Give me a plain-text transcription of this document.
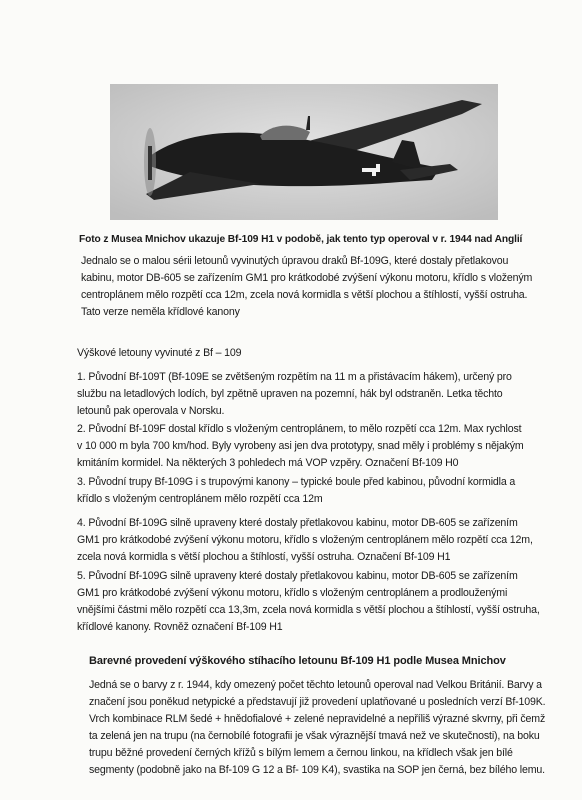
Foto z Musea Mnichov ukazuje Bf-109 H1 v podobě, jak tento typ operoval v r. 1944 nad Anglií
Jednalo se o malou sérii letounů vyvinutých úpravou draků Bf-109G, které dostaly přetlakovou
kabinu, motor DB-605 se zařízením GM1 pro krátkodobé zvýšení výkonu motoru, křídlo s vloženým
centroplánem mělo rozpětí cca 12m, zcela nová kormidla s větší plochou a štíhlostí, vyšší ostruha.
Tato verze neměla křídlové kanony
Výškové letouny vyvinuté z Bf – 109
1. Původní Bf-109T (Bf-109E se zvětšeným rozpětím na 11 m a přistávacím hákem), určený pro
službu na letadlových lodích, byl zpětně upraven na pozemní, hák byl odstraněn. Letka těchto
letounů pak operovala v Norsku.
2. Původní Bf-109F dostal křídlo s vloženým centroplánem, to mělo rozpětí cca 12m. Max rychlost
v 10 000 m byla 700 km/hod. Byly vyrobeny asi jen dva prototypy, snad měly i problémy s nějakým
kmitáním kormidel. Na některých 3 pohledech má VOP vzpěry. Označení Bf-109 H0
3. Původní trupy Bf-109G i s trupovými kanony – typické boule před kabinou, původní kormidla a
křídlo s vloženým centroplánem mělo rozpětí cca 12m
4. Původní Bf-109G silně upraveny které dostaly přetlakovou kabinu, motor DB-605 se zařízením
GM1 pro krátkodobé zvýšení výkonu motoru, křídlo s vloženým centroplánem mělo rozpětí cca 12m,
zcela nová kormidla s větší plochou a štíhlostí, vyšší ostruha. Označení Bf-109 H1
5. Původní Bf-109G silně upraveny které dostaly přetlakovou kabinu, motor DB-605 se zařízením
GM1 pro krátkodobé zvýšení výkonu motoru, křídlo s vloženým centroplánem a prodlouženými
vnějšími částmi mělo rozpětí cca 13,3m, zcela nová kormidla s větší plochou a štíhlostí, vyšší ostruha,
křídlové kanony. Rovněž označení Bf-109 H1
Barevné provedení výškového stíhacího letounu Bf-109 H1 podle Musea Mnichov
Jedná se o barvy z r. 1944, kdy omezený počet těchto letounů operoval nad Velkou Británií. Barvy a
značení jsou poněkud netypické a představují již provedení uplatňované u posledních verzí Bf-109K.
Vrch kombinace RLM šedé + hnědofialové + zelené nepravidelné a nepříliš výrazné skvrny, při čemž
ta zelená jen na trupu (na černobílé fotografii je však výraznější tmavá než ve skutečnosti), na boku
trupu běžné provedení černých křížů s bílým lemem a černou linkou, na křídlech však jen bílé
segmenty (podobně jako na Bf-109 G 12 a Bf- 109 K4), svastika na SOP jen černá, bez bílého lemu.
